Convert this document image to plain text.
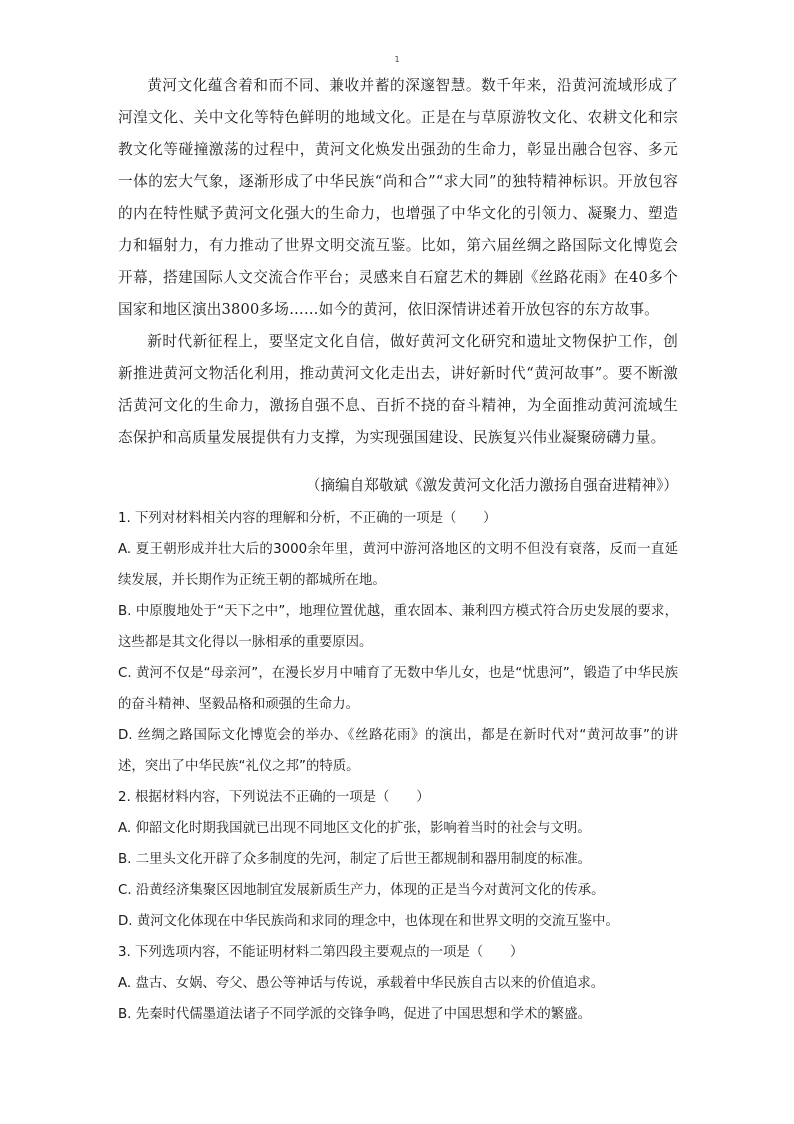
1

黄河文化蕴含着和而不同、兼收并蓄的深邃智慧。数千年来，沿黄河流域形成了河湟文化、关中文化等特色鲜明的地域文化。正是在与草原游牧文化、农耕文化和宗教文化等碰撞激荡的过程中，黄河文化焕发出强劲的生命力，彰显出融合包容、多元一体的宏大气象，逐渐形成了中华民族“尚和合”“求大同”的独特精神标识。开放包容的内在特性赋予黄河文化强大的生命力，也增强了中华文化的引领力、凝聚力、塑造力和辐射力，有力推动了世界文明交流互鉴。比如，第六届丝绸之路国际文化博览会开幕，搭建国际人文交流合作平台；灵感来自石窟艺术的舞剧《丝路花雨》在40多个国家和地区演出3800多场……如今的黄河，依旧深情讲述着开放包容的东方故事。

新时代新征程上，要坚定文化自信，做好黄河文化研究和遗址文物保护工作，创新推进黄河文物活化利用，推动黄河文化走出去，讲好新时代“黄河故事”。要不断激活黄河文化的生命力，激扬自强不息、百折不挠的奋斗精神，为全面推动黄河流域生态保护和高质量发展提供有力支撑，为实现强国建设、民族复兴伟业凝聚磅礴力量。

（摘编自郑敬斌《激发黄河文化活力激扬自强奋进精神》）

1. 下列对材料相关内容的理解和分析，不正确的一项是（　　）

A. 夏王朝形成并壮大后的3000余年里，黄河中游河洛地区的文明不但没有衰落，反而一直延续发展，并长期作为正统王朝的都城所在地。

B. 中原腹地处于“天下之中”，地理位置优越，重农固本、兼利四方模式符合历史发展的要求，这些都是其文化得以一脉相承的重要原因。

C. 黄河不仅是“母亲河”，在漫长岁月中哺育了无数中华儿女，也是“忧患河”，锻造了中华民族的奋斗精神、坚毅品格和顽强的生命力。

D. 丝绸之路国际文化博览会的举办、《丝路花雨》的演出，都是在新时代对“黄河故事”的讲述，突出了中华民族“礼仪之邦”的特质。

2. 根据材料内容，下列说法不正确的一项是（　　）

A. 仰韶文化时期我国就已出现不同地区文化的扩张，影响着当时的社会与文明。

B. 二里头文化开辟了众多制度的先河，制定了后世王都规制和器用制度的标准。

C. 沿黄经济集聚区因地制宜发展新质生产力，体现的正是当今对黄河文化的传承。

D. 黄河文化体现在中华民族尚和求同的理念中，也体现在和世界文明的交流互鉴中。

3. 下列选项内容，不能证明材料二第四段主要观点的一项是（　　）

A. 盘古、女娲、夸父、愚公等神话与传说，承载着中华民族自古以来的价值追求。

B. 先秦时代儒墨道法诸子不同学派的交锋争鸣，促进了中国思想和学术的繁盛。
